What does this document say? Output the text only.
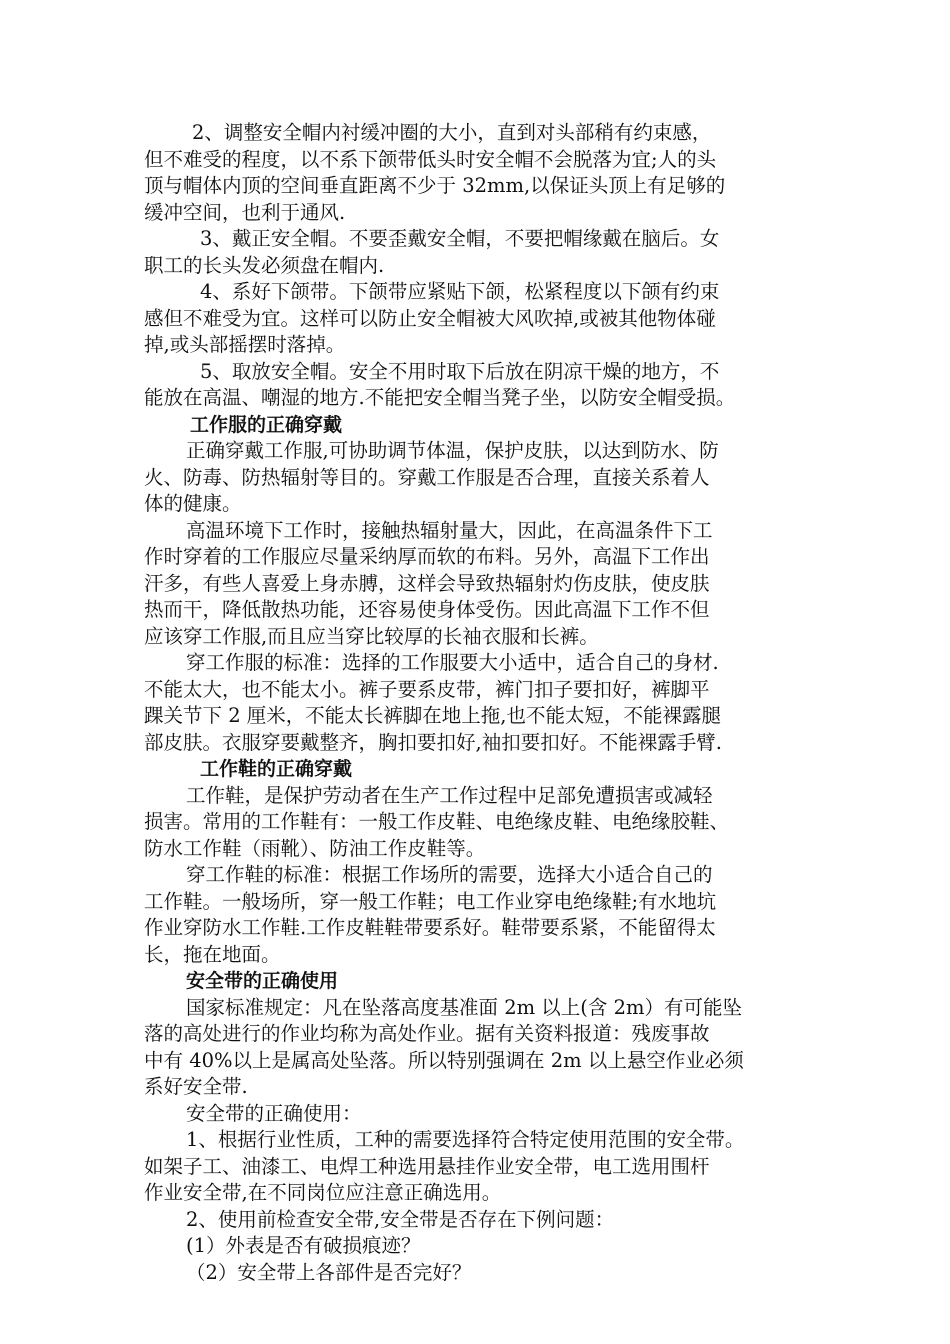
2、调整安全帽内衬缓冲圈的大小，直到对头部稍有约束感，
但不难受的程度，以不系下颌带低头时安全帽不会脱落为宜;人的头
顶与帽体内顶的空间垂直距离不少于 32mm,以保证头顶上有足够的
缓冲空间，也利于通风.
3、戴正安全帽。不要歪戴安全帽，不要把帽缘戴在脑后。女
职工的长头发必须盘在帽内.
4、系好下颌带。下颌带应紧贴下颌，松紧程度以下颌有约束
感但不难受为宜。这样可以防止安全帽被大风吹掉,或被其他物体碰
掉,或头部摇摆时落掉。
5、取放安全帽。安全不用时取下后放在阴凉干燥的地方，不
能放在高温、嘲湿的地方.不能把安全帽当凳子坐，以防安全帽受损。
工作服的正确穿戴
正确穿戴工作服,可协助调节体温，保护皮肤，以达到防水、防
火、防毒、防热辐射等目的。穿戴工作服是否合理，直接关系着人
体的健康。
高温环境下工作时，接触热辐射量大，因此，在高温条件下工
作时穿着的工作服应尽量采纳厚而软的布料。另外，高温下工作出
汗多，有些人喜爱上身赤膊，这样会导致热辐射灼伤皮肤，使皮肤
热而干，降低散热功能，还容易使身体受伤。因此高温下工作不但
应该穿工作服,而且应当穿比较厚的长袖衣服和长裤。
穿工作服的标准：选择的工作服要大小适中，适合自己的身材.
不能太大，也不能太小。裤子要系皮带，裤门扣子要扣好，裤脚平
踝关节下 2 厘米，不能太长裤脚在地上拖,也不能太短，不能裸露腿
部皮肤。衣服穿要戴整齐，胸扣要扣好,袖扣要扣好。不能裸露手臂.
工作鞋的正确穿戴
工作鞋，是保护劳动者在生产工作过程中足部免遭损害或减轻
损害。常用的工作鞋有：一般工作皮鞋、电绝缘皮鞋、电绝缘胶鞋、
防水工作鞋（雨靴）、防油工作皮鞋等。
穿工作鞋的标准：根据工作场所的需要，选择大小适合自己的
工作鞋。一般场所，穿一般工作鞋；电工作业穿电绝缘鞋;有水地坑
作业穿防水工作鞋.工作皮鞋鞋带要系好。鞋带要系紧，不能留得太
长，拖在地面。
安全带的正确使用
国家标准规定：凡在坠落高度基准面 2m 以上(含 2m）有可能坠
落的高处进行的作业均称为高处作业。据有关资料报道：残废事故
中有 40%以上是属高处坠落。所以特别强调在 2m 以上悬空作业必须
系好安全带.
安全带的正确使用：
1、根据行业性质，工种的需要选择符合特定使用范围的安全带。
如架子工、油漆工、电焊工种选用悬挂作业安全带，电工选用围杆
作业安全带,在不同岗位应注意正确选用。
2、使用前检查安全带,安全带是否存在下例问题：
(1）外表是否有破损痕迹？
（2）安全带上各部件是否完好？
